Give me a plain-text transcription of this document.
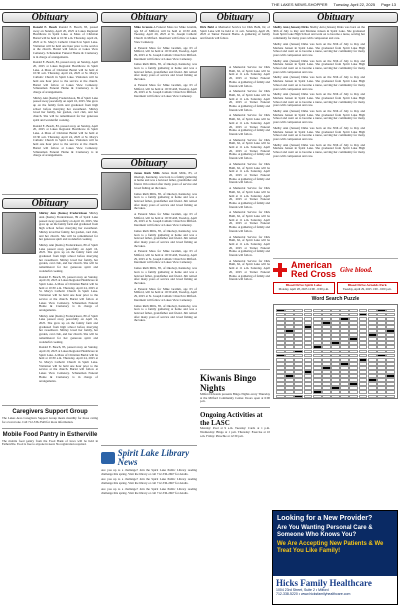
THE LAKES NEWS-SHOPPER Tuesday, April 22, 2025 Page 13
Obituary

Ronald E. Beach Ronald E. Beach, 83, passed away on Sunday, April 20, 2025 at Lakes Regional Healthcare in Spirit Lake. A Mass of Christian Burial will be held at 10:30 a.m. Thursday, April 24, 2025 at St. Mary's Catholic Church in Spirit Lake. Visitation will be held one hour prior to the service at the church. Burial will follow at Lakes View Cemetery. Schuneman Funeral Home & Crematory is in charge of arrangements.

Ronald E. Beach, 83, passed away on Sunday, April 20, 2025 at Lakes Regional Healthcare in Spirit Lake. A Mass of Christian Burial will be held at 10:30 a.m. Thursday, April 24, 2025 at St. Mary's Catholic Church in Spirit Lake. Visitation will be held one hour prior to the service at the church. Burial will follow at Lakes View Cemetery. Schuneman Funeral Home & Crematory is in charge of arrangements.

Shirley Ann (Kemo) Frederickson, 89 of Spirit Lake passed away peacefully on April 16, 2025. She grew up on the family farm and graduated from high school before marrying her sweetheart. Shirley loved her family, her garden, card club, and her church. She will be remembered for her generous spirit and wonderful cooking.

Ronald E. Beach, 83, passed away on Sunday, April 20, 2025 at Lakes Regional Healthcare in Spirit Lake. A Mass of Christian Burial will be held at 10:30 a.m. Thursday, April 24, 2025 at St. Mary's Catholic Church in Spirit Lake. Visitation will be held one hour prior to the service at the church. Burial will follow at Lakes View Cemetery. Schuneman Funeral Home & Crematory is in charge of arrangements.

Obituary

Shirley Ann (Kemo) Frederickson Shirley Ann (Kemo) Frederickson, 89 of Spirit Lake passed away peacefully on April 16, 2025. She grew up on the family farm and graduated from high school before marrying her sweetheart. Shirley loved her family, her garden, card club, and her church. She will be remembered for her generous spirit and wonderful cooking.

Shirley Ann (Kemo) Frederickson, 89 of Spirit Lake passed away peacefully on April 16, 2025. She grew up on the family farm and graduated from high school before marrying her sweetheart. Shirley loved her family, her garden, card club, and her church. She will be remembered for her generous spirit and wonderful cooking.

Ronald E. Beach, 83, passed away on Sunday, April 20, 2025 at Lakes Regional Healthcare in Spirit Lake. A Mass of Christian Burial will be held at 10:30 a.m. Thursday, April 24, 2025 at St. Mary's Catholic Church in Spirit Lake. Visitation will be held one hour prior to the service at the church. Burial will follow at Lakes View Cemetery. Schuneman Funeral Home & Crematory is in charge of arrangements.

Shirley Ann (Kemo) Frederickson, 89 of Spirit Lake passed away peacefully on April 16, 2025. She grew up on the family farm and graduated from high school before marrying her sweetheart. Shirley loved her family, her garden, card club, and her church. She will be remembered for her generous spirit and wonderful cooking.

Ronald E. Beach, 83, passed away on Sunday, April 20, 2025 at Lakes Regional Healthcare in Spirit Lake. A Mass of Christian Burial will be held at 10:30 a.m. Thursday, April 24, 2025 at St. Mary's Catholic Church in Spirit Lake. Visitation will be held one hour prior to the service at the church. Burial will follow at Lakes View Cemetery. Schuneman Funeral Home & Crematory is in charge of arrangements.

Caregivers Support Group
The Lakes Area Caregivers Support Group meets monthly for those caring for a loved one. Call 712-336-3549 for more information.
Mobile Food Pantry in Estherville
The mobile food pantry from the Food Bank of Iowa will be held in Estherville. Food is free to anyone in need. No registration required.
Obituary

Mike Gramm A Funeral Mass for Mike Gramm, age 63 of Milford, will be held at 10:30 AM, Tuesday, April 29, 2025 at St. Joseph Catholic Church in Milford. Interment will follow at Lakes View Cemetery.

A Funeral Mass for Mike Gramm, age 63 of Milford, will be held at 10:30 AM, Tuesday, April 29, 2025 at St. Joseph Catholic Church in Milford. Interment will follow at Lakes View Cemetery.

James Ruth Mills, 85, of Okoboji, Kentucky, was born to a family gathering at home and was a beloved father, grandfather and friend. Jim retired after many years of service and loved fishing on the lakes.

A Funeral Mass for Mike Gramm, age 63 of Milford, will be held at 10:30 AM, Tuesday, April 29, 2025 at St. Joseph Catholic Church in Milford. Interment will follow at Lakes View Cemetery.

Obituary

James Ruth Mills James Ruth Mills, 85, of Okoboji, Kentucky, was born to a family gathering at home and was a beloved father, grandfather and friend. Jim retired after many years of service and loved fishing on the lakes.

James Ruth Mills, 85, of Okoboji, Kentucky, was born to a family gathering at home and was a beloved father, grandfather and friend. Jim retired after many years of service and loved fishing on the lakes.

A Funeral Mass for Mike Gramm, age 63 of Milford, will be held at 10:30 AM, Tuesday, April 29, 2025 at St. Joseph Catholic Church in Milford. Interment will follow at Lakes View Cemetery.

James Ruth Mills, 85, of Okoboji, Kentucky, was born to a family gathering at home and was a beloved father, grandfather and friend. Jim retired after many years of service and loved fishing on the lakes.

A Funeral Mass for Mike Gramm, age 63 of Milford, will be held at 10:30 AM, Tuesday, April 29, 2025 at St. Joseph Catholic Church in Milford. Interment will follow at Lakes View Cemetery.

James Ruth Mills, 85, of Okoboji, Kentucky, was born to a family gathering at home and was a beloved father, grandfather and friend. Jim retired after many years of service and loved fishing on the lakes.

A Funeral Mass for Mike Gramm, age 63 of Milford, will be held at 10:30 AM, Tuesday, April 29, 2025 at St. Joseph Catholic Church in Milford. Interment will follow at Lakes View Cemetery.

James Ruth Mills, 85, of Okoboji, Kentucky, was born to a family gathering at home and was a beloved father, grandfather and friend. Jim retired after many years of service and loved fishing on the lakes.

Spirit Lake Library News

Are you up to a challenge? Join the Spirit Lake Public Library reading challenge this spring. Visit the library or call 712-336-2667 for details.

Are you up to a challenge? Join the Spirit Lake Public Library reading challenge this spring. Visit the library or call 712-336-2667 for details.

Are you up to a challenge? Join the Spirit Lake Public Library reading challenge this spring. Visit the library or call 712-336-2667 for details.

Obituary

Dirk Buhl A Memorial Service for Dirk Buhl, 62, of Spirit Lake will be held at 11 a.m. Saturday, April 26, 2025 at Turner Funeral Home. A gathering of family and friends will follow.

A Memorial Service for Dirk Buhl, 62, of Spirit Lake will be held at 11 a.m. Saturday, April 26, 2025 at Turner Funeral Home. A gathering of family and friends will follow.

A Memorial Service for Dirk Buhl, 62, of Spirit Lake will be held at 11 a.m. Saturday, April 26, 2025 at Turner Funeral Home. A gathering of family and friends will follow.

A Memorial Service for Dirk Buhl, 62, of Spirit Lake will be held at 11 a.m. Saturday, April 26, 2025 at Turner Funeral Home. A gathering of family and friends will follow.

A Memorial Service for Dirk Buhl, 62, of Spirit Lake will be held at 11 a.m. Saturday, April 26, 2025 at Turner Funeral Home. A gathering of family and friends will follow.

A Memorial Service for Dirk Buhl, 62, of Spirit Lake will be held at 11 a.m. Saturday, April 26, 2025 at Turner Funeral Home. A gathering of family and friends will follow.

A Memorial Service for Dirk Buhl, 62, of Spirit Lake will be held at 11 a.m. Saturday, April 26, 2025 at Turner Funeral Home. A gathering of family and friends will follow.

A Memorial Service for Dirk Buhl, 62, of Spirit Lake will be held at 11 a.m. Saturday, April 26, 2025 at Turner Funeral Home. A gathering of family and friends will follow.

A Memorial Service for Dirk Buhl, 62, of Spirit Lake will be held at 11 a.m. Saturday, April 26, 2025 at Turner Funeral Home. A gathering of family and friends will follow.

A Memorial Service for Dirk Buhl, 62, of Spirit Lake will be held at 11 a.m. Saturday, April 26, 2025 at Turner Funeral Home. A gathering of family and friends will follow.

Kiwanis Bingo Nights
Milford Kiwanis presents Bingo Nights every Thursday at the Milford Community Center. Doors open at 6:00 p.m.
Ongoing Activities at the LASC
Monday: Pool at 9 a.m. Tuesday: Cards at 1 p.m. Wednesday: Bingo at 1 p.m. Thursday: Exercise at 10 a.m. Friday: Pinochle at 12:30 p.m.
Obituary

Shelby Ann (Jensen) Dirks Shelby Ann (Jensen) Dirks was born on the 30th of July to Ray and Marlene Jensen in Spirit Lake. She graduated from Spirit Lake High School and went on to become a nurse, serving her community for many years with compassion and care.

Shelby Ann (Jensen) Dirks was born on the 30th of July to Ray and Marlene Jensen in Spirit Lake. She graduated from Spirit Lake High School and went on to become a nurse, serving her community for many years with compassion and care.

Shelby Ann (Jensen) Dirks was born on the 30th of July to Ray and Marlene Jensen in Spirit Lake. She graduated from Spirit Lake High School and went on to become a nurse, serving her community for many years with compassion and care.

Shelby Ann (Jensen) Dirks was born on the 30th of July to Ray and Marlene Jensen in Spirit Lake. She graduated from Spirit Lake High School and went on to become a nurse, serving her community for many years with compassion and care.

Shelby Ann (Jensen) Dirks was born on the 30th of July to Ray and Marlene Jensen in Spirit Lake. She graduated from Spirit Lake High School and went on to become a nurse, serving her community for many years with compassion and care.

Shelby Ann (Jensen) Dirks was born on the 30th of July to Ray and Marlene Jensen in Spirit Lake. She graduated from Spirit Lake High School and went on to become a nurse, serving her community for many years with compassion and care.

Shelby Ann (Jensen) Dirks was born on the 30th of July to Ray and Marlene Jensen in Spirit Lake. She graduated from Spirit Lake High School and went on to become a nurse, serving her community for many years with compassion and care.

Shelby Ann (Jensen) Dirks was born on the 30th of July to Ray and Marlene Jensen in Spirit Lake. She graduated from Spirit Lake High School and went on to become a nurse, serving her community for many years with compassion and care.

American
Red Cross Give blood.
Blood Drive Spirit Lake
Monday, April 28, 2025 12:00 - 6:00 p.m.
Blood Drive Arnolds Park
Tuesday, April 29, 2025 1:00 - 6:00 p.m.
Word Search Puzzle
Looking for a New Provider?
Are You Wanting Personal Care & Someone Who Knows You?
We Are Accepting New Patients & We Treat You Like Family!
Hicks Family Healthcare
1004 23rd Street, Suite 2 • Milford
712-338-5220 • www.hicksfamilyhealthcare.com
